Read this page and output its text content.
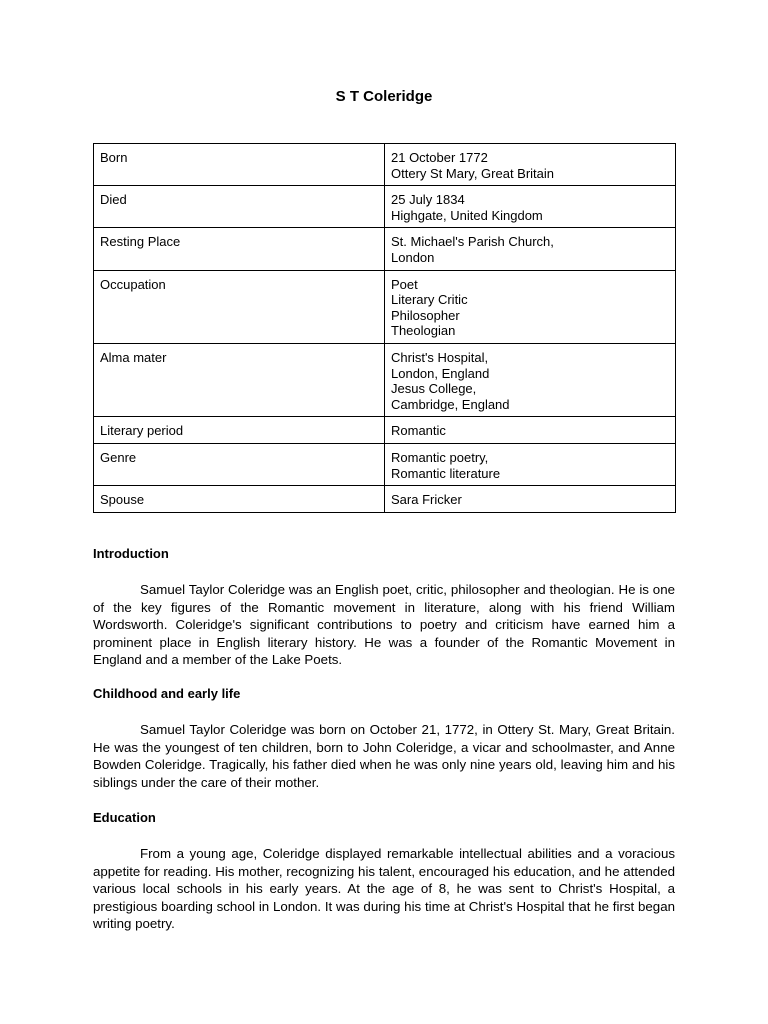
S T Coleridge
Born	21 October 1772
Ottery St Mary, Great Britain

Died	25 July 1834
Highgate, United Kingdom

Resting Place	St. Michael's Parish Church,
London

Occupation	Poet
Literary Critic
Philosopher
Theologian

Alma mater	Christ's Hospital,
London, England
Jesus College,
Cambridge, England

Literary period	Romantic

Genre	Romantic poetry,
Romantic literature

Spouse	Sara Fricker
Introduction

Samuel Taylor Coleridge was an English poet, critic, philosopher and theologian. He is one of the key figures of the Romantic movement in literature, along with his friend William Wordsworth. Coleridge's significant contributions to poetry and criticism have earned him a prominent place in English literary history. He was a founder of the Romantic Movement in England and a member of the Lake Poets.

Childhood and early life

Samuel Taylor Coleridge was born on October 21, 1772, in Ottery St. Mary, Great Britain. He was the youngest of ten children, born to John Coleridge, a vicar and schoolmaster, and Anne Bowden Coleridge. Tragically, his father died when he was only nine years old, leaving him and his siblings under the care of their mother.

Education

From a young age, Coleridge displayed remarkable intellectual abilities and a voracious appetite for reading. His mother, recognizing his talent, encouraged his education, and he attended various local schools in his early years. At the age of 8, he was sent to Christ's Hospital, a prestigious boarding school in London. It was during his time at Christ's Hospital that he first began writing poetry.
